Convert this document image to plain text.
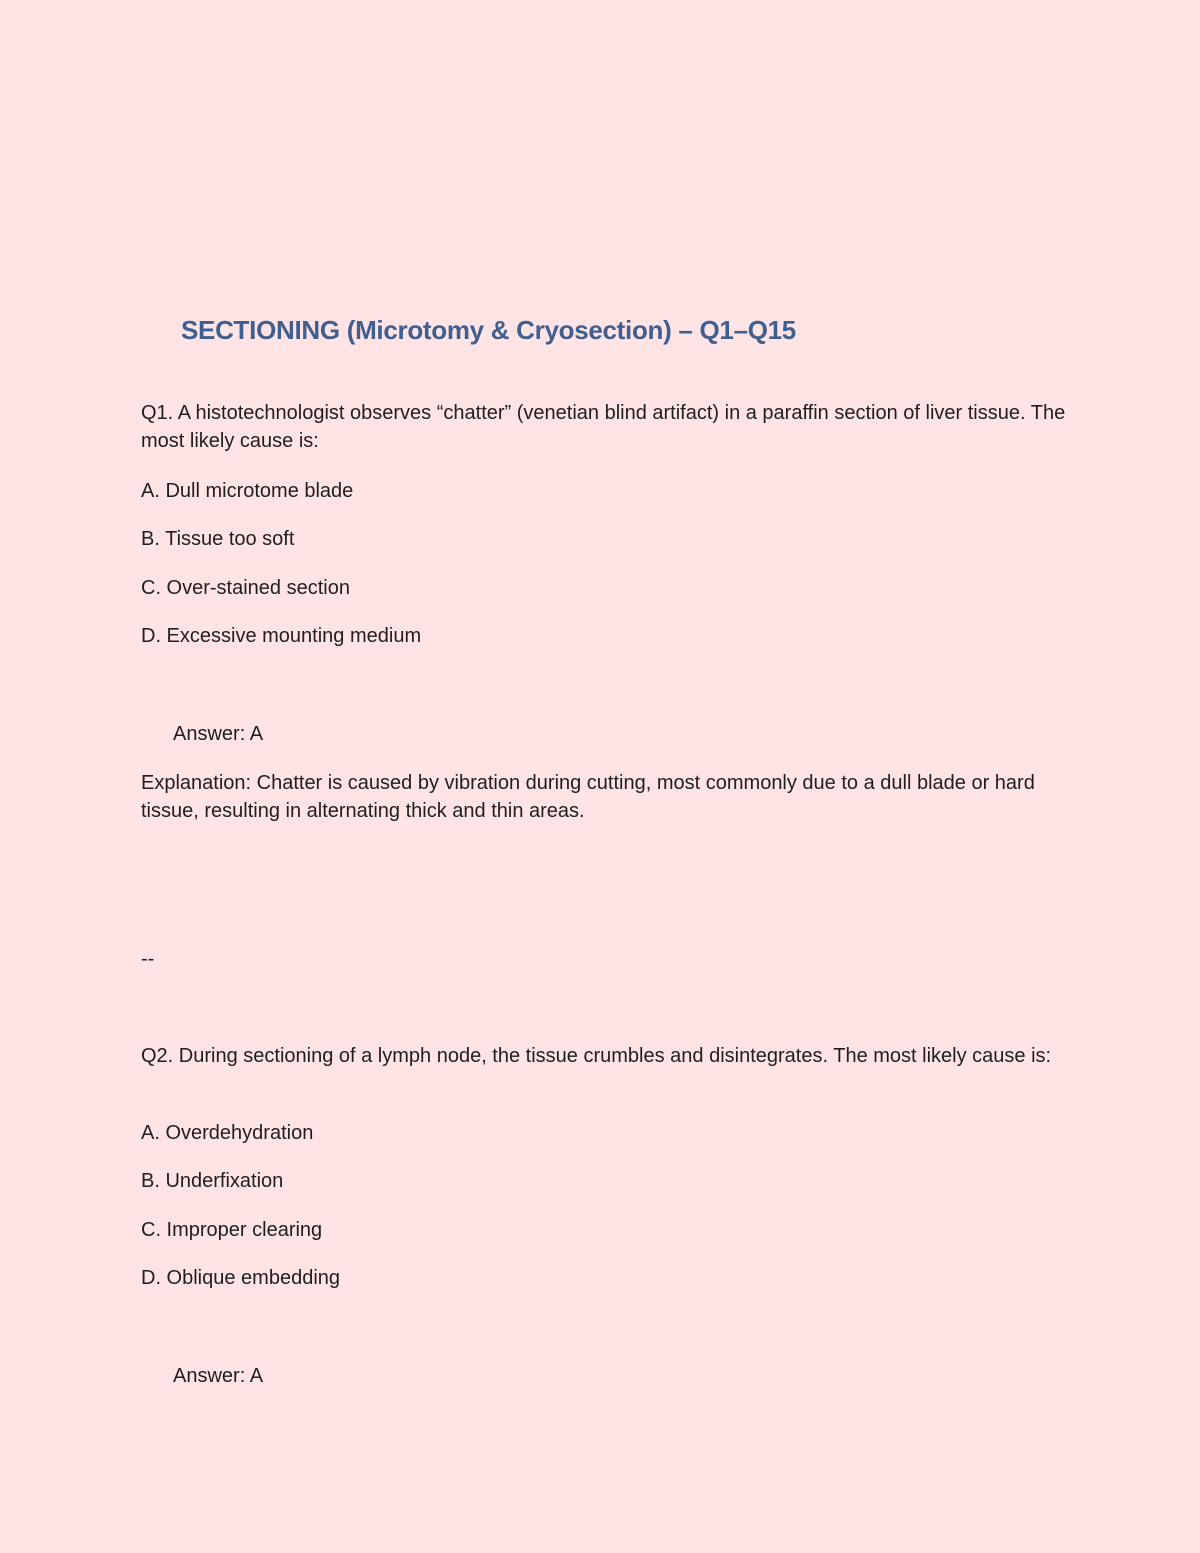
SECTIONING (Microtomy & Cryosection) – Q1–Q15

Q1. A histotechnologist observes “chatter” (venetian blind artifact) in a paraffin section of liver tissue. The most likely cause is:

A. Dull microtome blade

B. Tissue too soft

C. Over-stained section

D. Excessive mounting medium

Answer: A

Explanation: Chatter is caused by vibration during cutting, most commonly due to a dull blade or hard tissue, resulting in alternating thick and thin areas.

--

Q2. During sectioning of a lymph node, the tissue crumbles and disintegrates. The most likely cause is:

A. Overdehydration

B. Underfixation

C. Improper clearing

D. Oblique embedding

Answer: A
